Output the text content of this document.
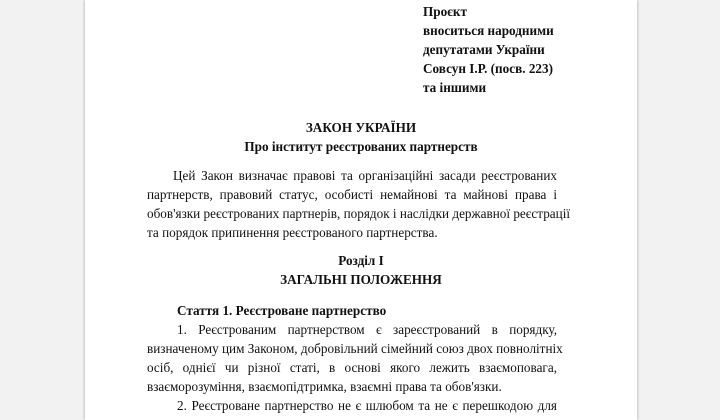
Проєкт
вноситься народними
депутатами України
Совсун І.Р. (посв. 223)
та іншими
ЗАКОН УКРАЇНИ
Про інститут реєстрованих партнерств
Цей Закон визначає правові та організаційні засади реєстрованих
партнерств, правовий статус, особисті немайнові та майнові права і
обов'язки реєстрованих партнерів, порядок і наслідки державної реєстрації
та порядок припинення реєстрованого партнерства.
Розділ І
ЗАГАЛЬНІ ПОЛОЖЕННЯ
Стаття 1. Реєстроване партнерство
1. Реєстрованим партнерством є зареєстрований в порядку,
визначеному цим Законом, добровільний сімейний союз двох повнолітніх
осіб, однієї чи різної статі, в основі якого лежить взаємоповага,
взаєморозуміння, взаємопідтримка, взаємні права та обов'язки.
2. Реєстроване партнерство не є шлюбом та не є перешкодою для
